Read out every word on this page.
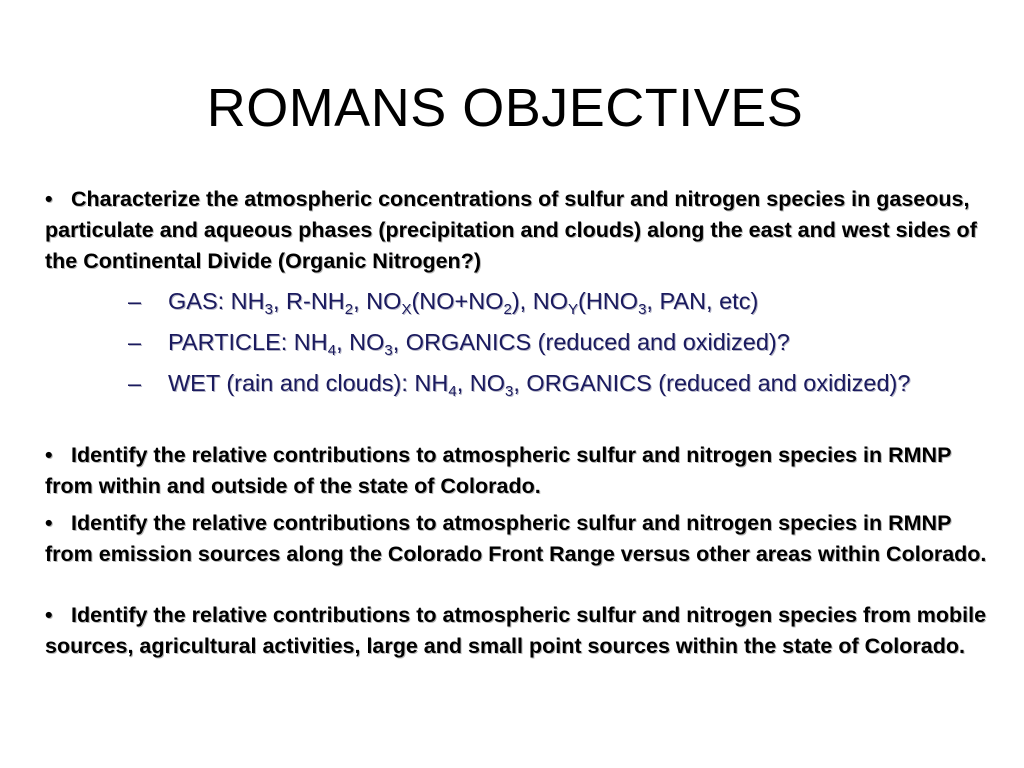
ROMANS OBJECTIVES
• Characterize the atmospheric concentrations of sulfur and nitrogen species in gaseous, particulate and aqueous phases (precipitation and clouds) along the east and west sides of the Continental Divide (Organic Nitrogen?)
– GAS: $NH_3$, $R-NH_2$, $NO_X(NO+NO_2)$, $NO_Y(HNO_3$, PAN, etc)
– PARTICLE: $NH_4$, $NO_3$, ORGANICS (reduced and oxidized)?
– WET (rain and clouds): $NH_4$, $NO_3$, ORGANICS (reduced and oxidized)?
• Identify the relative contributions to atmospheric sulfur and nitrogen species in RMNP from within and outside of the state of Colorado.
• Identify the relative contributions to atmospheric sulfur and nitrogen species in RMNP from emission sources along the Colorado Front Range versus other areas within Colorado.
• Identify the relative contributions to atmospheric sulfur and nitrogen species from mobile sources, agricultural activities, large and small point sources within the state of Colorado.
